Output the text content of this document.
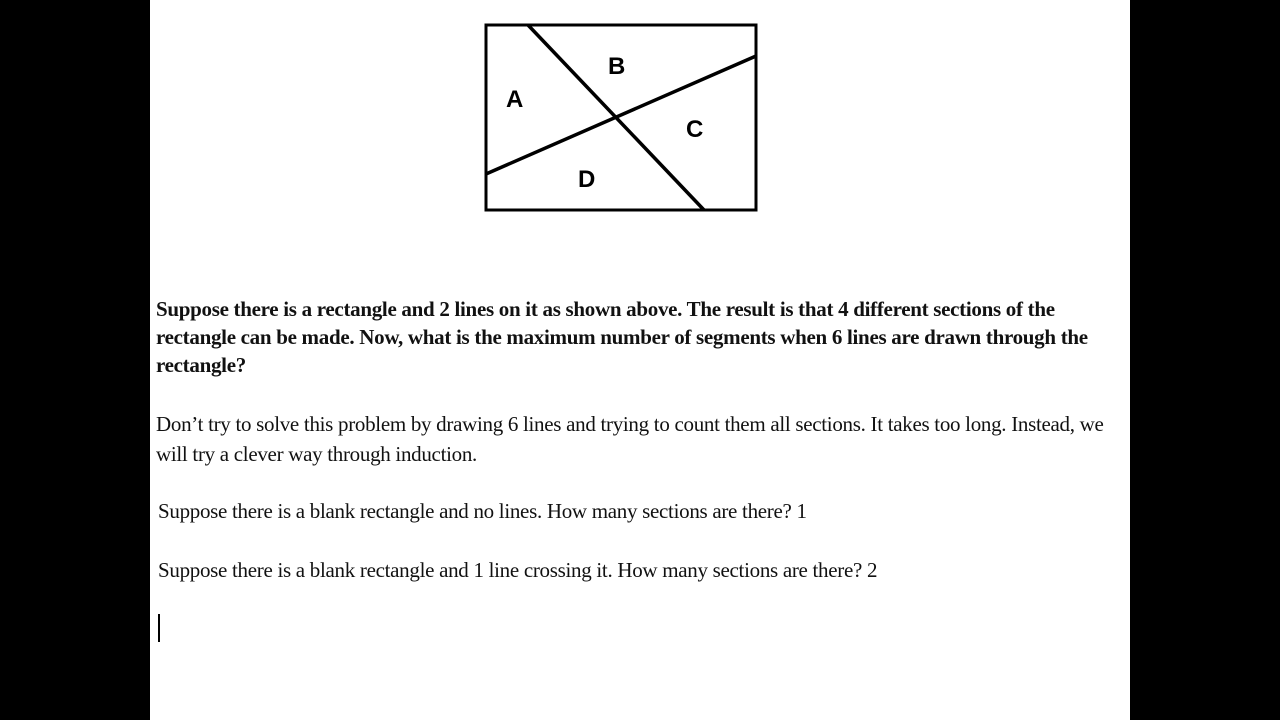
A
B
C
D

Suppose there is a rectangle and 2 lines on it as shown above. The result is that 4 different sections of the rectangle can be made. Now, what is the maximum number of segments when 6 lines are drawn through the rectangle?

Don’t try to solve this problem by drawing 6 lines and trying to count them all sections. It takes too long. Instead, we will try a clever way through induction.

Suppose there is a blank rectangle and no lines. How many sections are there? 1

Suppose there is a blank rectangle and 1 line crossing it. How many sections are there? 2
